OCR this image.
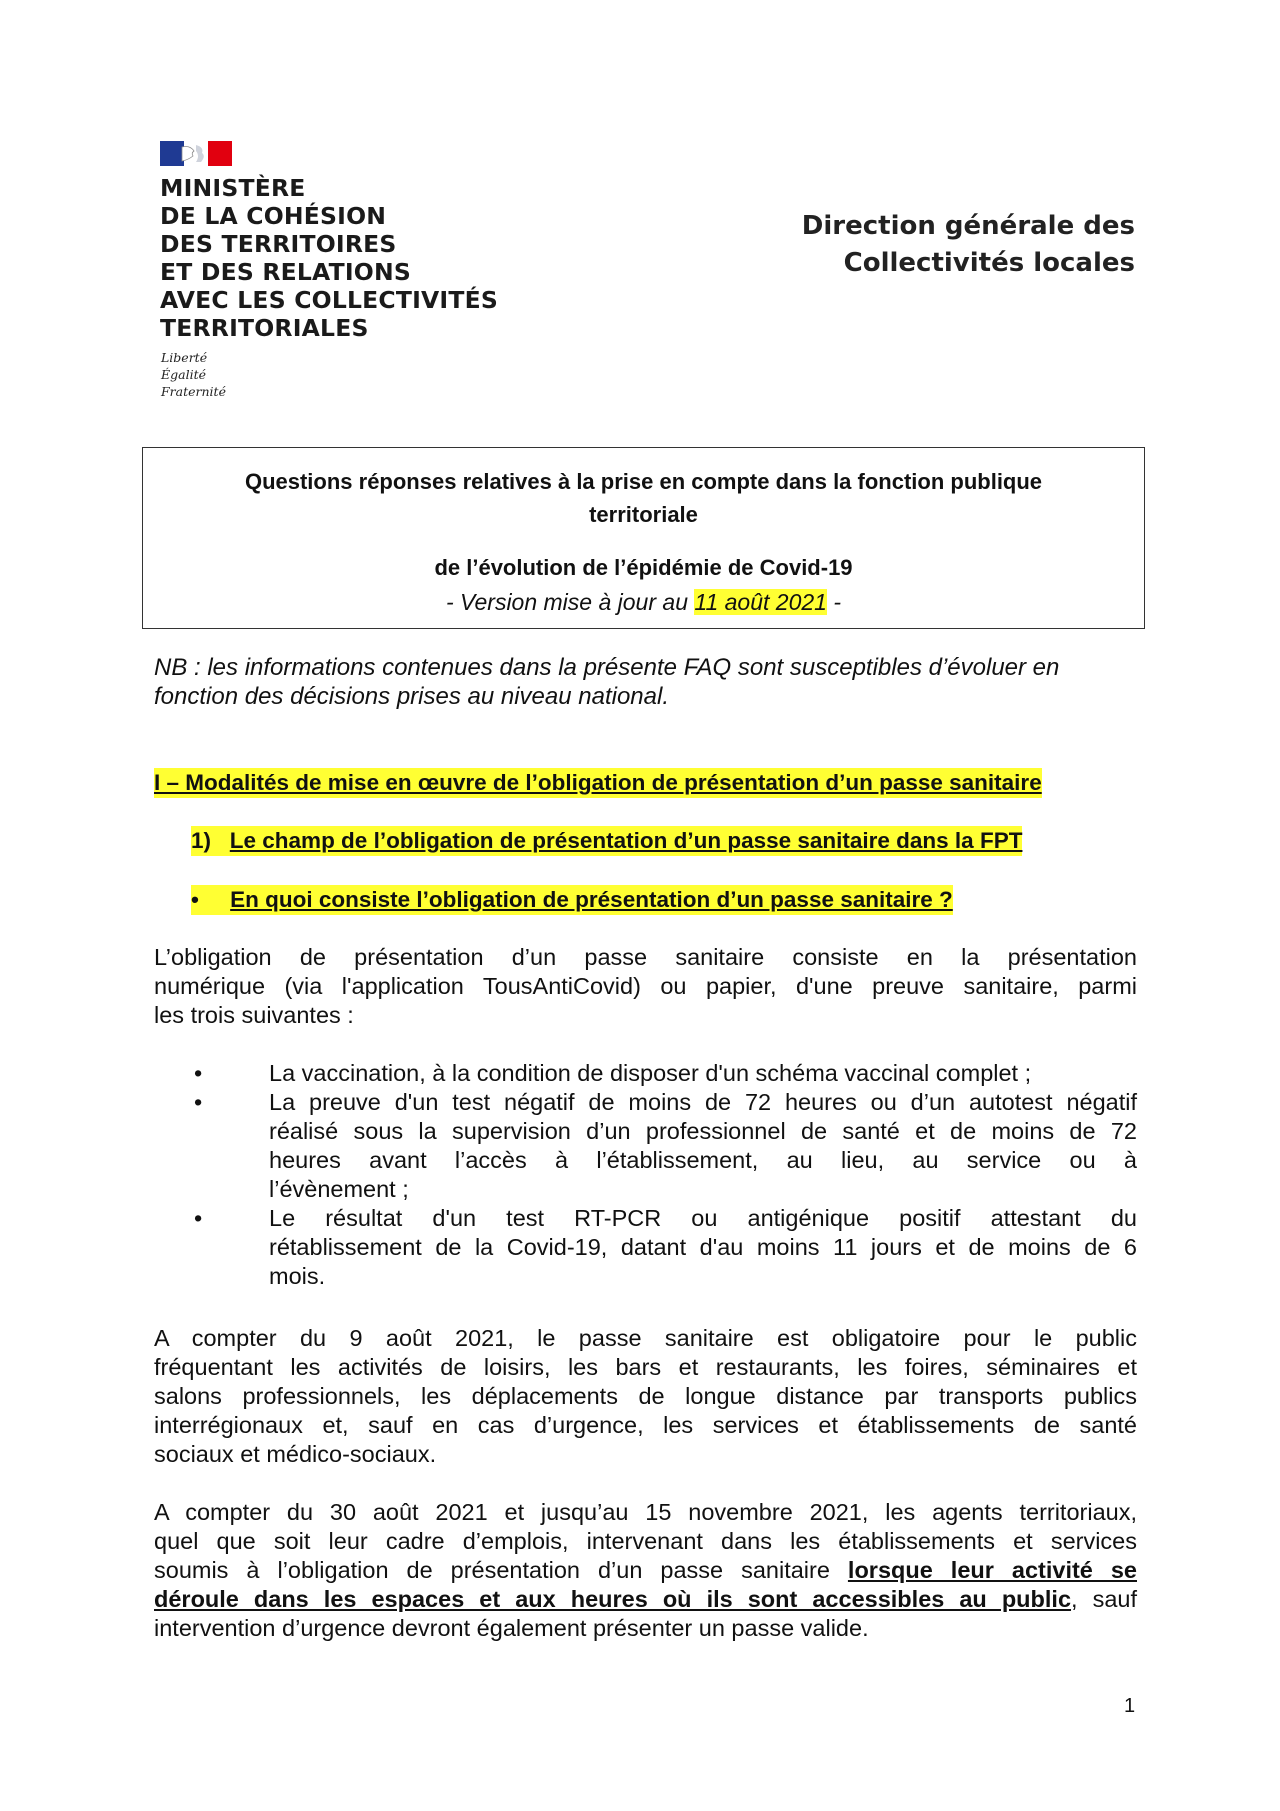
MINISTÈRE
DE LA COHÉSION
DES TERRITOIRES
ET DES RELATIONS
AVEC LES COLLECTIVITÉS
TERRITORIALES
Liberté
Égalité
Fraternité
Direction générale des
Collectivités locales
Questions réponses relatives à la prise en compte dans la fonction publique
territoriale
de l’évolution de l’épidémie de Covid-19
- Version mise à jour au 11 août 2021 -
NB : les informations contenues dans la présente FAQ sont susceptibles d’évoluer en
fonction des décisions prises au niveau national.
I – Modalités de mise en œuvre de l’obligation de présentation d’un passe sanitaire
1) Le champ de l’obligation de présentation d’un passe sanitaire dans la FPT
• En quoi consiste l’obligation de présentation d’un passe sanitaire ?
L’obligation de présentation d’un passe sanitaire consiste en la présentation
numérique (via l'application TousAntiCovid) ou papier, d'une preuve sanitaire, parmi
les trois suivantes :
•	La vaccination, à la condition de disposer d'un schéma vaccinal complet ;
•	La preuve d'un test négatif de moins de 72 heures ou d’un autotest négatif
réalisé sous la supervision d’un professionnel de santé et de moins de 72
heures avant l’accès à l’établissement, au lieu, au service ou à
l’évènement ;
•	Le résultat d'un test RT-PCR ou antigénique positif attestant du
rétablissement de la Covid-19, datant d'au moins 11 jours et de moins de 6
mois.
A compter du 9 août 2021, le passe sanitaire est obligatoire pour le public
fréquentant les activités de loisirs, les bars et restaurants, les foires, séminaires et
salons professionnels, les déplacements de longue distance par transports publics
interrégionaux et, sauf en cas d’urgence, les services et établissements de santé
sociaux et médico-sociaux.
A compter du 30 août 2021 et jusqu’au 15 novembre 2021, les agents territoriaux,
quel que soit leur cadre d’emplois, intervenant dans les établissements et services
soumis à l’obligation de présentation d’un passe sanitaire lorsque leur activité se
déroule dans les espaces et aux heures où ils sont accessibles au public, sauf
intervention d’urgence devront également présenter un passe valide.
1
